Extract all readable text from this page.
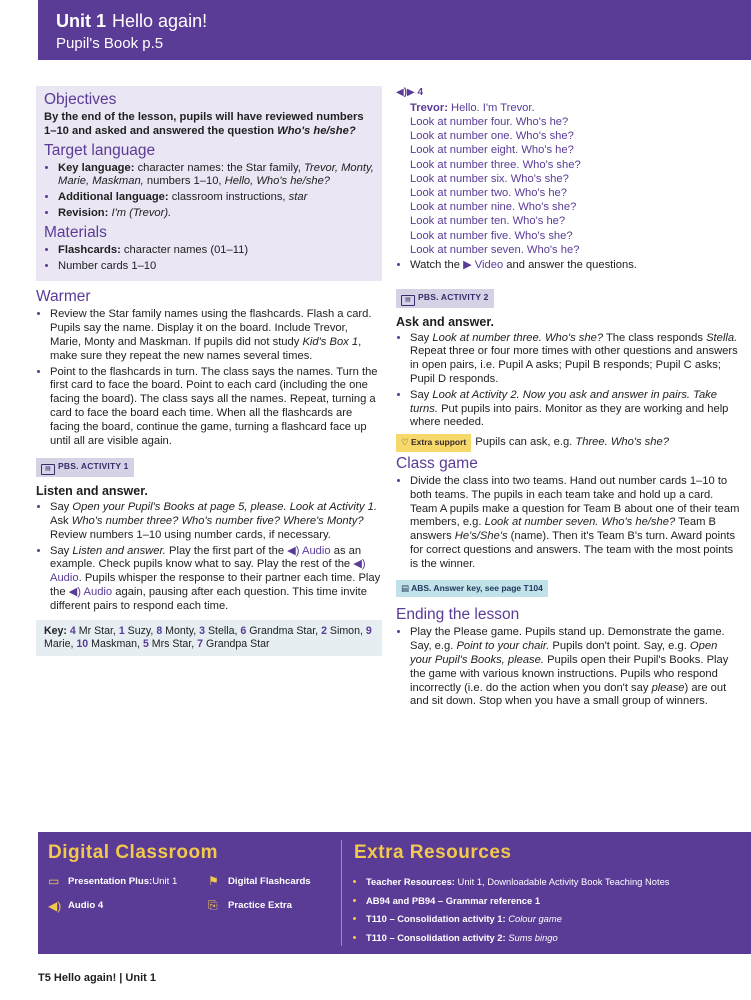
Unit 1 Hello again!
Pupil's Book p.5
Objectives

By the end of the lesson, pupils will have reviewed numbers 1–10 and asked and answered the question Who's he/she?

Target language
• Key language: character names: the Star family, Trevor, Monty, Marie, Maskman, numbers 1–10, Hello, Who's he/she?
• Additional language: classroom instructions, star
• Revision: I'm (Trevor).
Materials
• Flashcards: character names (01–11)
• Number cards 1–10
Warmer
• Review the Star family names using the flashcards. Flash a card. Pupils say the name. Display it on the board. Include Trevor, Marie, Monty and Maskman. If pupils did not study Kid's Box 1, make sure they repeat the new names several times.
• Point to the flashcards in turn. The class says the names. Turn the first card to face the board. Point to each card (including the one facing the board). The class says all the names. Repeat, turning a card to face the board each time. When all the flashcards are facing the board, continue the game, turning a flashcard face up until all are visible again.
▤ PBS. ACTIVITY 1
Listen and answer.
• Say Open your Pupil's Books at page 5, please. Look at Activity 1. Ask Who's number three? Who's number five? Where's Monty? Review numbers 1–10 using number cards, if necessary.
• Say Listen and answer. Play the first part of the ◀) Audio as an example. Check pupils know what to say. Play the rest of the ◀) Audio. Pupils whisper the response to their partner each time. Play the ◀) Audio again, pausing after each question. This time invite different pairs to respond each time.
Key: 4 Mr Star, 1 Suzy, 8 Monty, 3 Stella, 6 Grandma Star, 2 Simon, 9 Marie, 10 Maskman, 5 Mrs Star, 7 Grandpa Star
◀)▶ 4
Trevor: Hello. I'm Trevor.
Look at number four. Who's he?
Look at number one. Who's she?
Look at number eight. Who's he?
Look at number three. Who's she?
Look at number six. Who's she?
Look at number two. Who's he?
Look at number nine. Who's she?
Look at number ten. Who's he?
Look at number five. Who's she?
Look at number seven. Who's he?
• Watch the ▶ Video and answer the questions.
▤ PBS. ACTIVITY 2
Ask and answer.
• Say Look at number three. Who's she? The class responds Stella. Repeat three or four more times with other questions and answers in open pairs, i.e. Pupil A asks; Pupil B responds; Pupil C asks; Pupil D responds.
• Say Look at Activity 2. Now you ask and answer in pairs. Take turns. Put pupils into pairs. Monitor as they are working and help where needed.
♡ Extra support Pupils can ask, e.g. Three. Who's she?
Class game
• Divide the class into two teams. Hand out number cards 1–10 to both teams. The pupils in each team take and hold up a card. Team A pupils make a question for Team B about one of their team members, e.g. Look at number seven. Who's he/she? Team B answers He's/She's (name). Then it's Team B's turn. Award points for correct questions and answers. The team with the most points is the winner.
▤ ABS. Answer key, see page T104
Ending the lesson
• Play the Please game. Pupils stand up. Demonstrate the game. Say, e.g. Point to your chair. Pupils don't point. Say, e.g. Open your Pupil's Books, please. Pupils open their Pupil's Books. Play the game with various known instructions. Pupils who respond incorrectly (i.e. do the action when you don't say please) are out and sit down. Stop when you have a small group of winners.
Digital Classroom
▭ Presentation Plus: Unit 1	⚑ Digital Flashcards
◀) Audio 4	⎘	Practice Extra
Extra Resources
• Teacher Resources: Unit 1, Downloadable Activity Book Teaching Notes
• AB94 and PB94 – Grammar reference 1
• T110 – Consolidation activity 1: Colour game
• T110 – Consolidation activity 2: Sums bingo
T5 Hello again! | Unit 1
